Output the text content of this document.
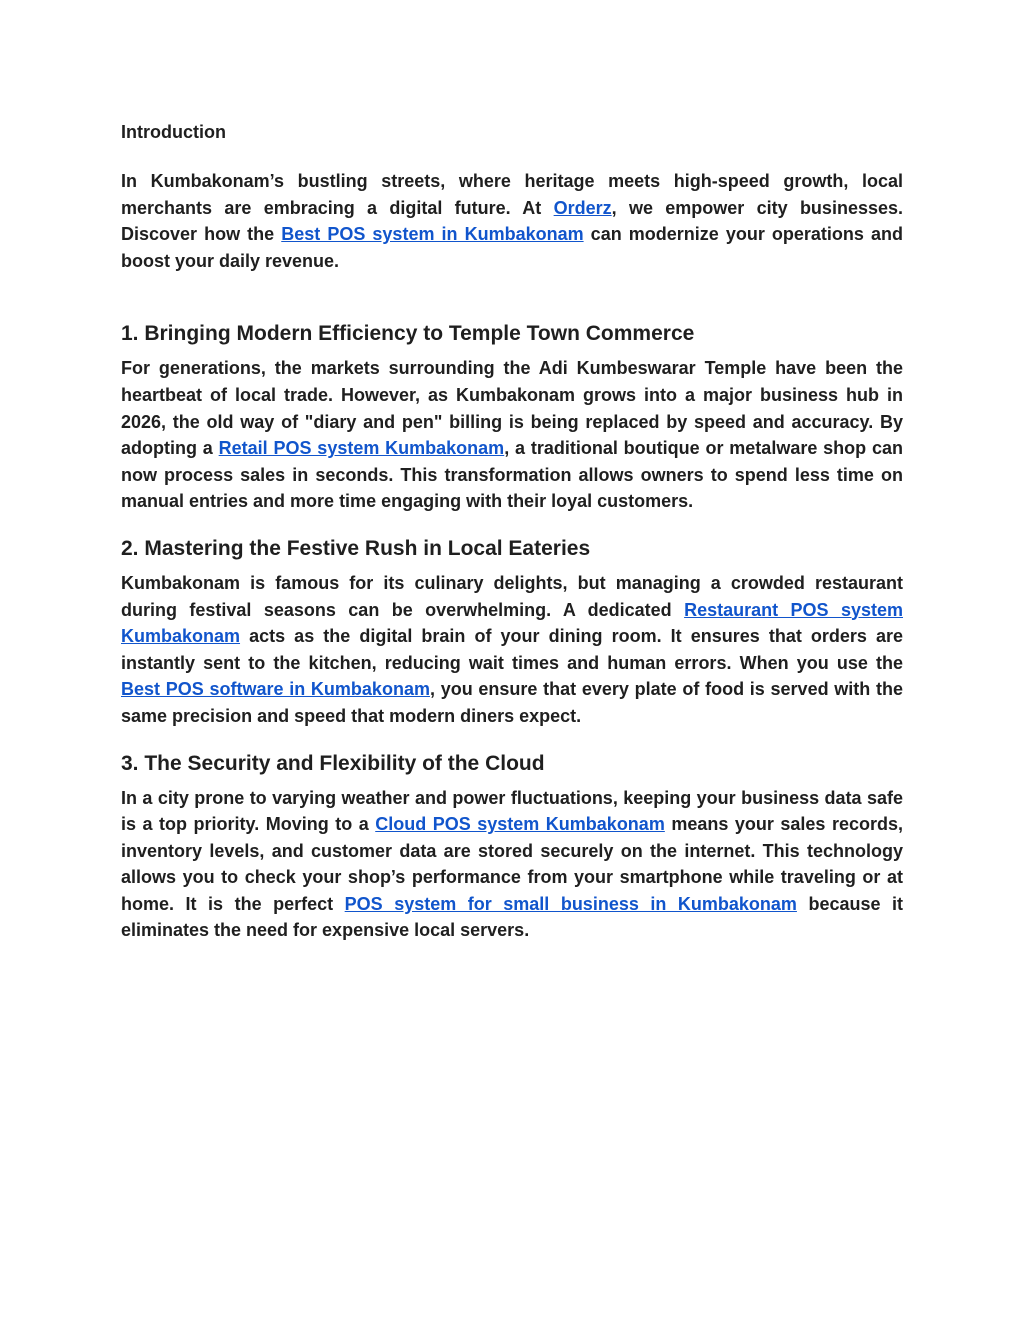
Introduction

In Kumbakonam’s bustling streets, where heritage meets high-speed growth, local merchants are embracing a digital future. At Orderz, we empower city businesses. Discover how the Best POS system in Kumbakonam can modernize your operations and boost your daily revenue.

1. Bringing Modern Efficiency to Temple Town Commerce

For generations, the markets surrounding the Adi Kumbeswarar Temple have been the heartbeat of local trade. However, as Kumbakonam grows into a major business hub in 2026, the old way of "diary and pen" billing is being replaced by speed and accuracy. By adopting a Retail POS system Kumbakonam, a traditional boutique or metalware shop can now process sales in seconds. This transformation allows owners to spend less time on manual entries and more time engaging with their loyal customers.

2. Mastering the Festive Rush in Local Eateries

Kumbakonam is famous for its culinary delights, but managing a crowded restaurant during festival seasons can be overwhelming. A dedicated Restaurant POS system Kumbakonam acts as the digital brain of your dining room. It ensures that orders are instantly sent to the kitchen, reducing wait times and human errors. When you use the Best POS software in Kumbakonam, you ensure that every plate of food is served with the same precision and speed that modern diners expect.

3. The Security and Flexibility of the Cloud

In a city prone to varying weather and power fluctuations, keeping your business data safe is a top priority. Moving to a Cloud POS system Kumbakonam means your sales records, inventory levels, and customer data are stored securely on the internet. This technology allows you to check your shop’s performance from your smartphone while traveling or at home. It is the perfect POS system for small business in Kumbakonam because it eliminates the need for expensive local servers.
